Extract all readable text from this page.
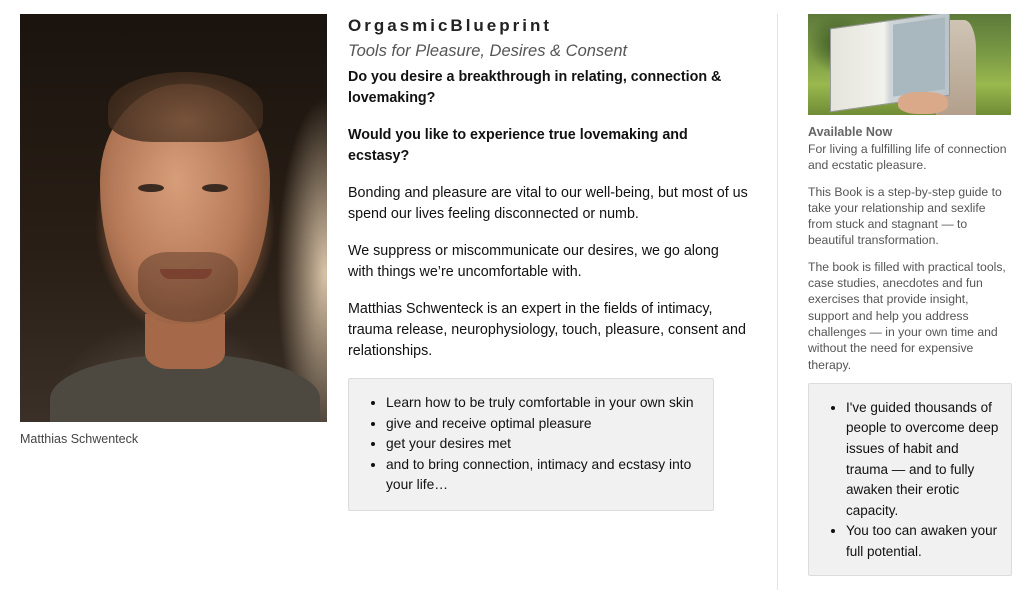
Matthias Schwenteck
OrgasmicBlueprint
Tools for Pleasure, Desires & Consent

Do you desire a breakthrough in relating, connection & lovemaking?

Would you like to experience true lovemaking and ecstasy?

Bonding and pleasure are vital to our well-being, but most of us spend our lives feeling disconnected or numb.

We suppress or miscommunicate our desires, we go along with things we’re uncomfortable with.

Matthias Schwenteck is an expert in the fields of intimacy, trauma release, neurophysiology, touch, pleasure, consent and relationships.

• Learn how to be truly comfortable in your own skin
• give and receive optimal pleasure
• get your desires met
• and to bring connection, intimacy and ecstasy into your life…
Available Now

For living a fulfilling life of connection and ecstatic pleasure.

This Book is a step-by-step guide to take your relationship and sexlife from stuck and stagnant — to beautiful transformation.

The book is filled with practical tools, case studies, anecdotes and fun exercises that provide insight, support and help you address challenges — in your own time and without the need for expensive therapy.

• I've guided thousands of people to overcome deep issues of habit and trauma — and to fully awaken their erotic capacity.
• You too can awaken your full potential.
